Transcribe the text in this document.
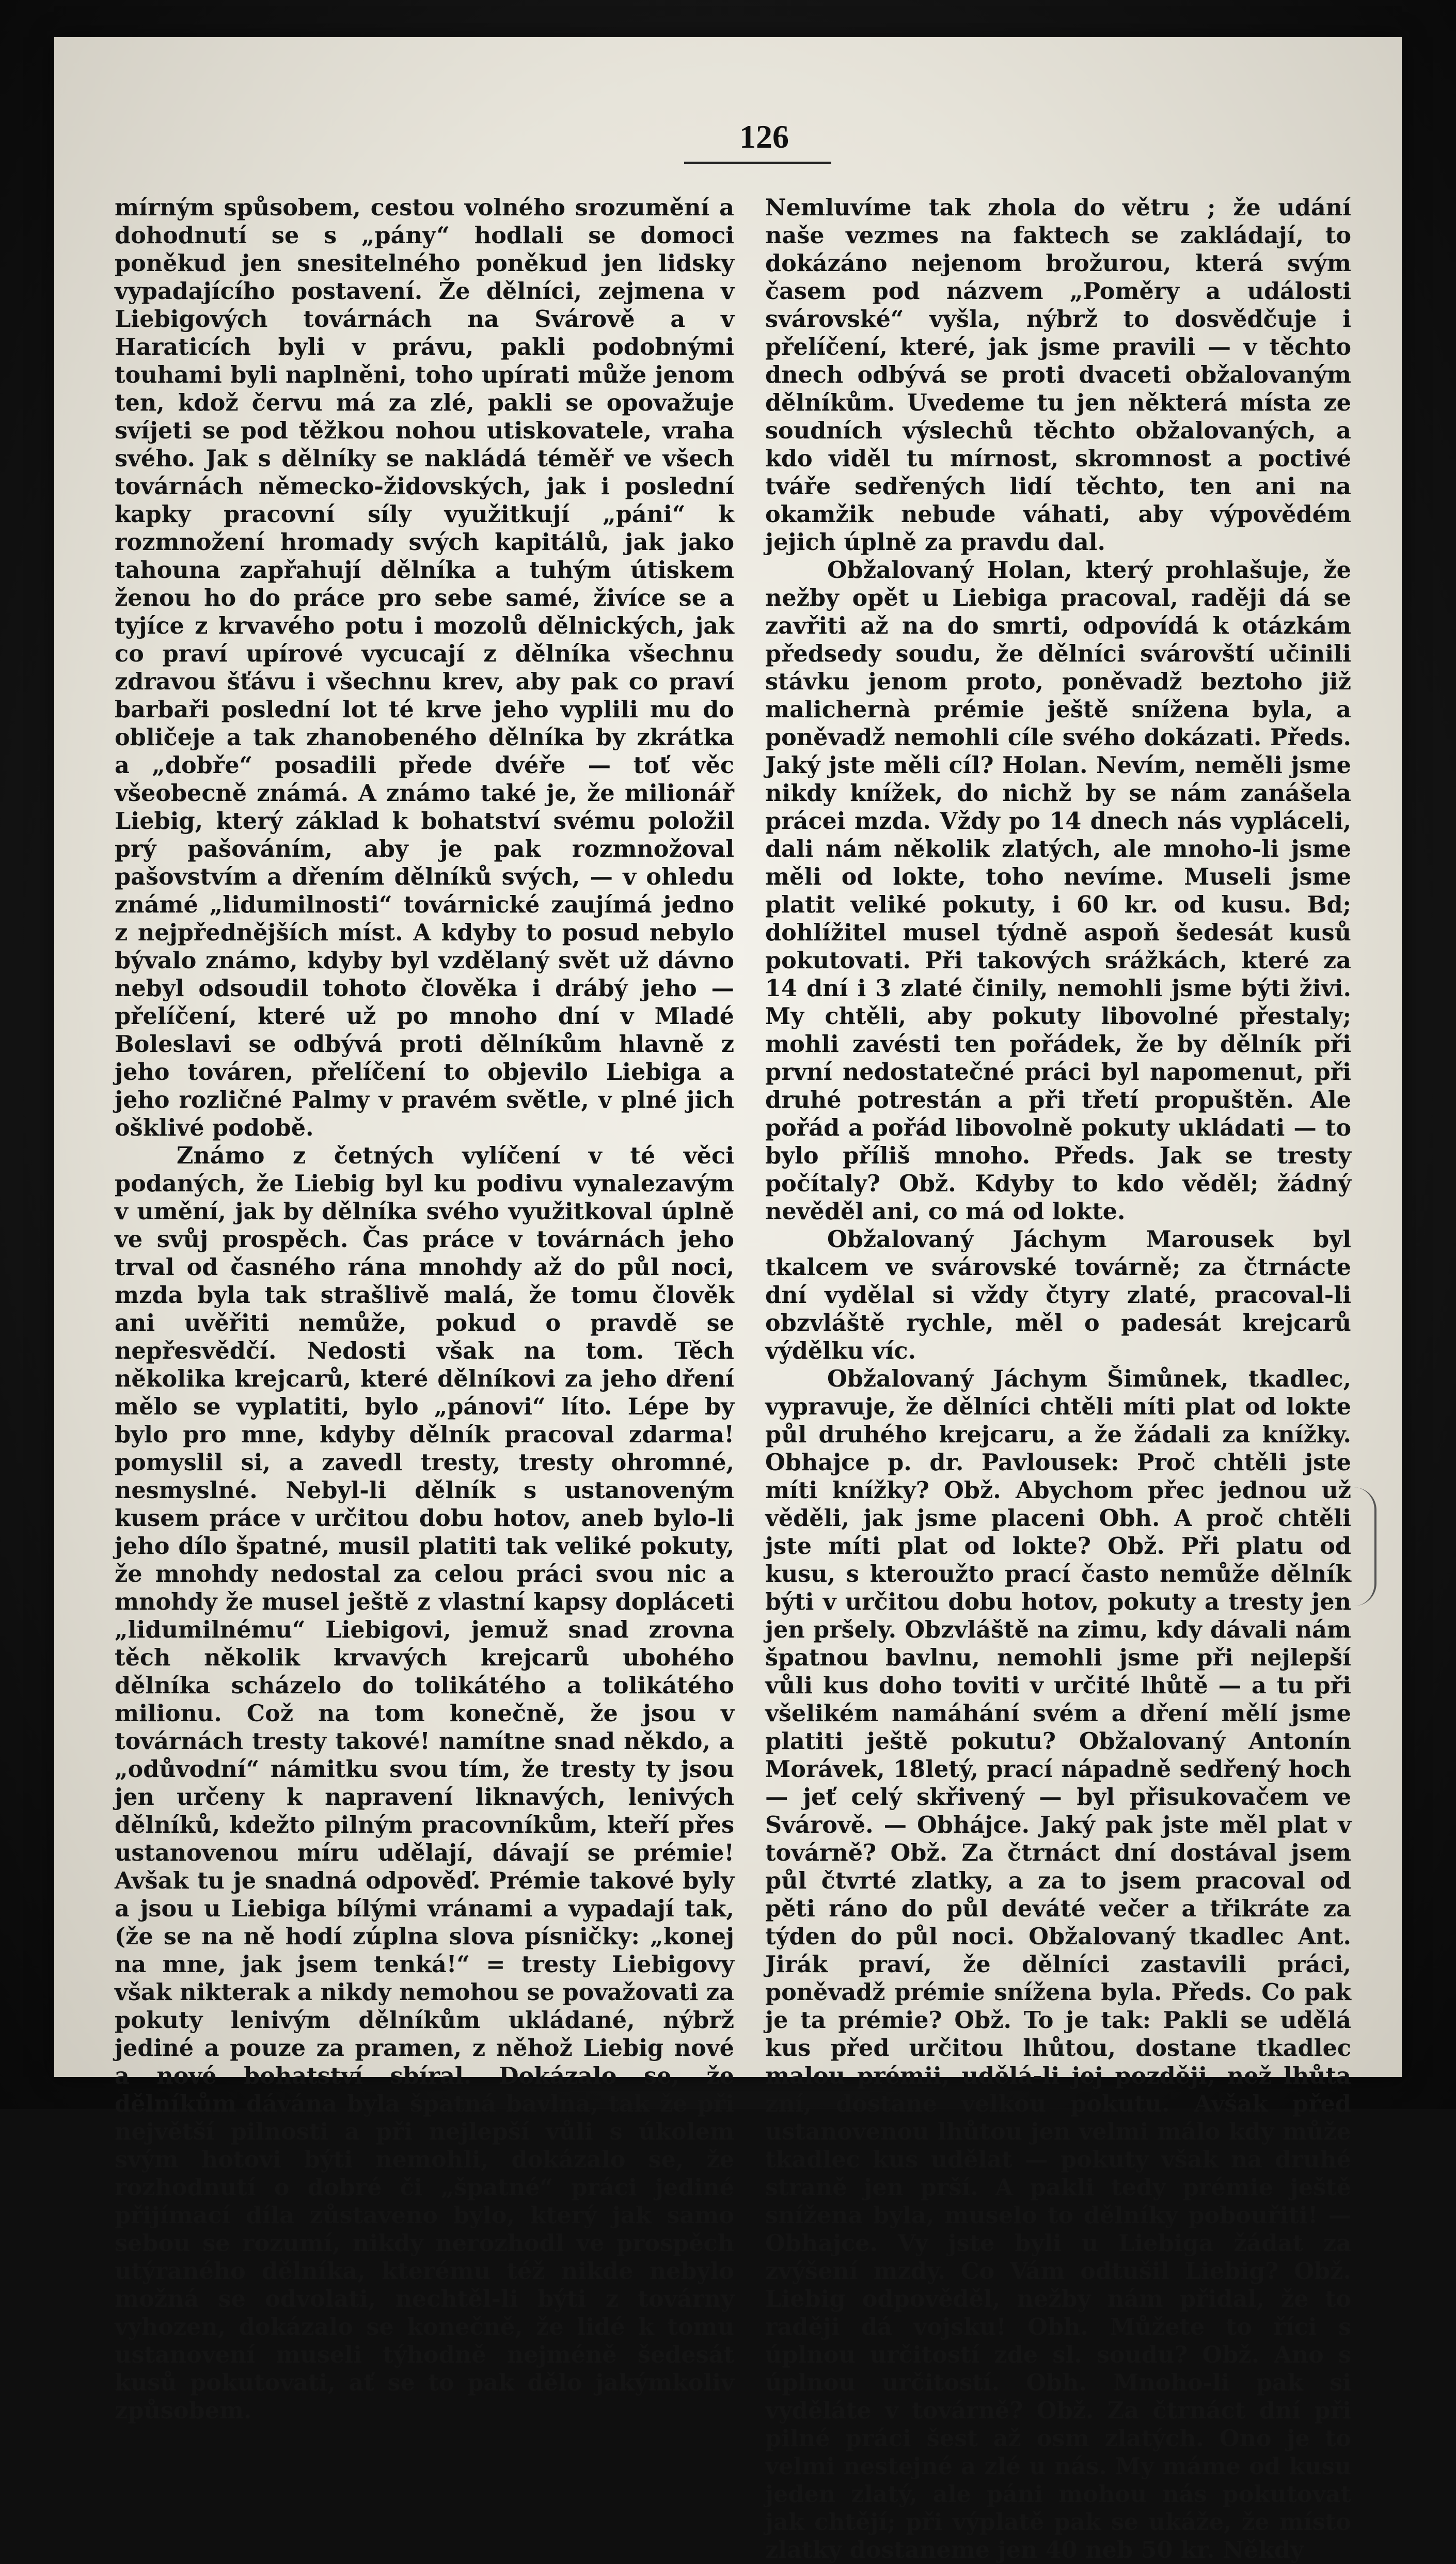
126

mírným spůsobem, cestou volného srozumění a dohodnutí se s „pány“ hodlali se domoci poněkud jen snesitelného poněkud jen lidsky vypadajícího postavení. Že dělníci, zejmena v Liebigových továrnách na Svárově a v Haraticích byli v právu, pakli podobnými touhami byli naplněni, toho upírati může jenom ten, kdož červu má za zlé, pakli se opovažuje svíjeti se pod těžkou nohou utiskovatele, vraha svého. Jak s dělníky se nakládá téměř ve všech továrnách německo-židovských, jak i poslední kapky pracovní síly využitkují „páni“ k rozmnožení hromady svých kapitálů, jak jako tahouna zapřahují dělníka a tuhým útiskem ženou ho do práce pro sebe samé, živíce se a tyjíce z krvavého potu i mozolů dělnických, jak co praví upírové vycucají z dělníka všechnu zdravou šťávu i všechnu krev, aby pak co praví barbaři poslední lot té krve jeho vyplili mu do obličeje a tak zhanobeného dělníka by zkrátka a „dobře“ posadili přede dvéře — toť věc všeobecně známá. A známo také je, že milionář Liebig, který základ k bohatství svému položil prý pašováním, aby je pak rozmnožoval pašovstvím a dřením dělníků svých, — v ohledu známé „lidumilnosti“ továrnické zaujímá jedno z nejpřednějších míst. A kdyby to posud nebylo bývalo známo, kdyby byl vzdělaný svět už dávno nebyl odsoudil tohoto člověka i drábý jeho — přelíčení, které už po mnoho dní v Mladé Boleslavi se odbývá proti dělníkům hlavně z jeho továren, přelíčení to objevilo Liebiga a jeho rozličné Palmy v pravém světle, v plné jich ošklivé podobě.

Známo z četných vylíčení v té věci podaných, že Liebig byl ku podivu vynalezavým v umění, jak by dělníka svého využitkoval úplně ve svůj prospěch. Čas práce v továrnách jeho trval od časného rána mnohdy až do půl noci, mzda byla tak strašlivě malá, že tomu člověk ani uvěřiti nemůže, pokud o pravdě se nepřesvědčí. Nedosti však na tom. Těch několika krejcarů, které dělníkovi za jeho dření mělo se vyplatiti, bylo „pánovi“ líto. Lépe by bylo pro mne, kdyby dělník pracoval zdarma! pomyslil si, a zavedl tresty, tresty ohromné, nesmyslné. Nebyl-li dělník s ustanoveným kusem práce v určitou dobu hotov, aneb bylo-li jeho dílo špatné, musil platiti tak veliké pokuty, že mnohdy nedostal za celou práci svou nic a mnohdy že musel ještě z vlastní kapsy dopláceti „lidumilnému“ Liebigovi, jemuž snad zrovna těch několik krvavých krejcarů ubohého dělníka scházelo do tolikátého a tolikátého milionu. Což na tom konečně, že jsou v továrnách tresty takové! namítne snad někdo, a „odůvodní“ námitku svou tím, že tresty ty jsou jen určeny k napravení liknavých, lenivých dělníků, kdežto pilným pracovníkům, kteří přes ustanovenou míru udělají, dávají se prémie! Avšak tu je snadná odpověď. Prémie takové byly a jsou u Liebiga bílými vránami a vypadají tak, (že se na ně hodí zúplna slova písničky: „konej na mne, jak jsem tenká!“ = tresty Liebigovy však nikterak a nikdy nemohou se považovati za pokuty lenivým dělníkům ukládané, nýbrž jediné a pouze za pramen, z něhož Liebig nové a nové bohatství sbíral. Dokázalo se, že dělníkům dávána byla špatná bavlna, tak že při největší pilnosti a při nejlepší vůli s úkolem svým hotovi býti nemohli, dokázalo se, že rozhodnutí o dobré či „špatné“ práci jediné přijímací díla zůstaveno bylo, který jak samo sebou se rozumí, nikdy nerozhodl ve prospěch utýraného dělníka, kterému též nikde nebylo možná se odvolati, nechtěl-li býti z továrny vyhozen, dokázalo se konečně, že lidé k tomu ustanovení museli týhodně nejméně šedesát kusů pokutovati, ať se to pak dělo jakýmkoliv způsobem.

Nemluvíme tak zhola do větru ; že udání naše vezmes na faktech se zakládají, to dokázáno nejenom brožurou, která svým časem pod názvem „Poměry a události svárovské“ vyšla, nýbrž to dosvědčuje i přelíčení, které, jak jsme pravili — v těchto dnech odbývá se proti dvaceti obžalovaným dělníkům. Uvedeme tu jen některá místa ze soudních výslechů těchto obžalovaných, a kdo viděl tu mírnost, skromnost a poctivé tváře sedřených lidí těchto, ten ani na okamžik nebude váhati, aby výpovědém jejich úplně za pravdu dal.

Obžalovaný Holan, který prohlašuje, že nežby opět u Liebiga pracoval, raději dá se zavřiti až na do smrti, odpovídá k otázkám předsedy soudu, že dělníci svárovští učinili stávku jenom proto, poněvadž beztoho již malichernà prémie ještě snížena byla, a poněvadž nemohli cíle svého dokázati. Předs. Jaký jste měli cíl? Holan. Nevím, neměli jsme nikdy knížek, do nichž by se nám zanášela prácei mzda. Vždy po 14 dnech nás vypláceli, dali nám několik zlatých, ale mnoho-li jsme měli od lokte, toho nevíme. Museli jsme platit veliké pokuty, i 60 kr. od kusu. Bd; dohlížitel musel týdně aspoň šedesát kusů pokutovati. Při takových srážkách, které za 14 dní i 3 zlaté činily, nemohli jsme býti živi. My chtěli, aby pokuty libovolné přestaly; mohli zavésti ten pořádek, že by dělník při první nedostatečné práci byl napomenut, při druhé potrestán a při třetí propuštěn. Ale pořád a pořád libovolně pokuty ukládati — to bylo příliš mnoho. Předs. Jak se tresty počítaly? Obž. Kdyby to kdo věděl; žádný nevěděl ani, co má od lokte.

Obžalovaný Jáchym Marousek byl tkalcem ve svárovské továrně; za čtrnácte dní vydělal si vždy čtyry zlaté, pracoval-li obzvláště rychle, měl o padesát krejcarů výdělku víc.

Obžalovaný Jáchym Šimůnek, tkadlec, vypravuje, že dělníci chtěli míti plat od lokte půl druhého krejcaru, a že žádali za knížky. Obhajce p. dr. Pavlousek: Proč chtěli jste míti knížky? Obž. Abychom přec jednou už věděli, jak jsme placeni Obh. A proč chtěli jste míti plat od lokte? Obž. Při platu od kusu, s kteroužto prací často nemůže dělník býti v určitou dobu hotov, pokuty a tresty jen jen pršely. Obzvláště na zimu, kdy dávali nám špatnou bavlnu, nemohli jsme při nejlepší vůli kus doho toviti v určité lhůtě — a tu při všelikém namáhání svém a dření mělí jsme platiti ještě pokutu? Obžalovaný Antonín Morávek, 18letý, prací nápadně sedřený hoch — jeť celý skřivený — byl přisukovačem ve Svárově. — Obhájce. Jaký pak jste měl plat v továrně? Obž. Za čtrnáct dní dostával jsem půl čtvrté zlatky, a za to jsem pracoval od pěti ráno do půl deváté večer a třikráte za týden do půl noci. Obžalovaný tkadlec Ant. Jirák praví, že dělníci zastavili práci, poněvadž prémie snížena byla. Předs. Co pak je ta prémie? Obž. To je tak: Pakli se udělá kus před určitou lhůtou, dostane tkadlec malou prémii, udělá-li jej později, než lhůta zní, dostane velkou pokutu. Avšak před ustanovenou lhůtou jen velmi málo kdy může tkadlec kus udělat — pokuty však na druhé straně jen prší. A pakli tedy prémie ještě snížena byla, muselo to dělníky pobouřiti! — Obhajce. Vy jste byli u Liebiga žádat za zvýšení mzdy. Co Vám odtušil Liebig? Obž. Liebig odpověděl, nežby nám přidal, že to raději dá vojsku! Obh. Můžete to říci s úplnou určitostí zde sl. soudu? Obž. Ano s úplnou určitostí. Obh. Mnoho-li pak si vyděláte v továrně? Obž. Za čtrnáct dní při pilné práci šest až osm zlatých. Ono je to velmi nestejné a zlé u nás. My máme od kusu jeden zlatý, ale páni mohou nás pokutovat jak chtějí; při výplatě pak se ukáže, že místo zlatky dostaneme jen 40 neb 50 kr. Někdy
